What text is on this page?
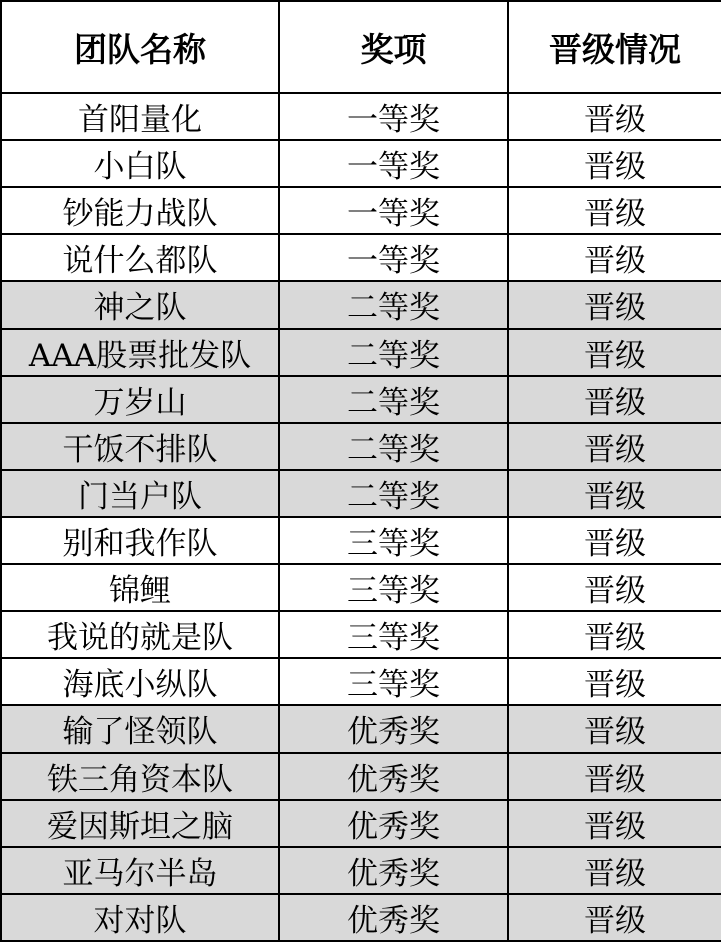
团队名称	奖项	晋级情况
首阳量化	一等奖	晋级
小白队	一等奖	晋级
钞能力战队	一等奖	晋级
说什么都队	一等奖	晋级
神之队	二等奖	晋级
AAA股票批发队	二等奖	晋级
万岁山	二等奖	晋级
干饭不排队	二等奖	晋级
门当户队	二等奖	晋级
别和我作队	三等奖	晋级
锦鲤	三等奖	晋级
我说的就是队	三等奖	晋级
海底小纵队	三等奖	晋级
输了怪领队	优秀奖	晋级
铁三角资本队	优秀奖	晋级
爱因斯坦之脑	优秀奖	晋级
亚马尔半岛	优秀奖	晋级
对对队	优秀奖	晋级
